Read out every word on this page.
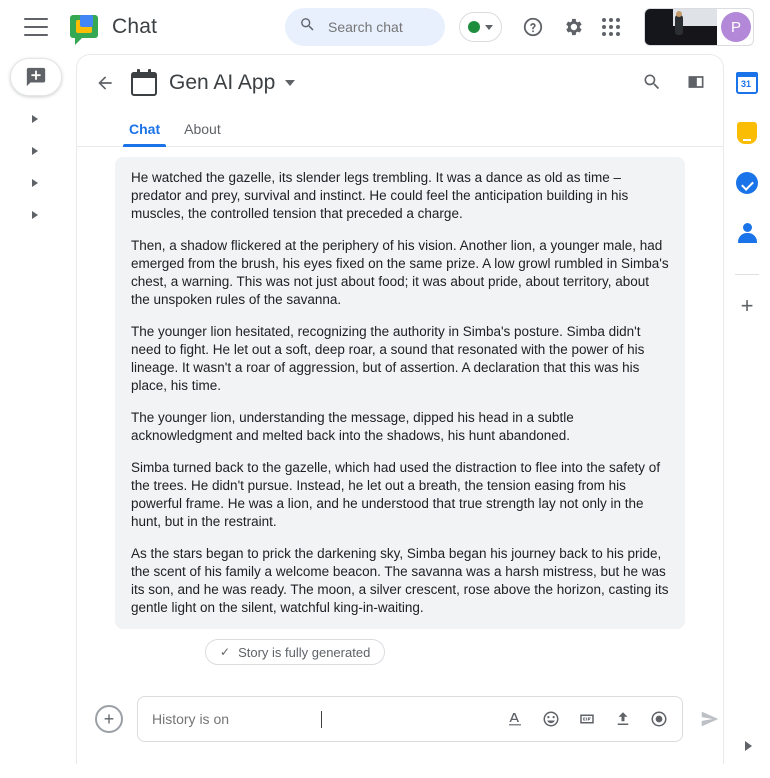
Chat
Search chat	P
Gen AI App
Chat	About

He watched the gazelle, its slender legs trembling. It was a dance as old as time – predator and prey, survival and instinct. He could feel the anticipation building in his muscles, the controlled tension that preceded a charge.

Then, a shadow flickered at the periphery of his vision. Another lion, a younger male, had emerged from the brush, his eyes fixed on the same prize. A low growl rumbled in Simba's chest, a warning. This was not just about food; it was about pride, about territory, about the unspoken rules of the savanna.

The younger lion hesitated, recognizing the authority in Simba's posture. Simba didn't need to fight. He let out a soft, deep roar, a sound that resonated with the power of his lineage. It wasn't a roar of aggression, but of assertion. A declaration that this was his place, his time.

The younger lion, understanding the message, dipped his head in a subtle acknowledgment and melted back into the shadows, his hunt abandoned.

Simba turned back to the gazelle, which had used the distraction to flee into the safety of the trees. He didn't pursue. Instead, he let out a breath, the tension easing from his powerful frame. He was a lion, and he understood that true strength lay not only in the hunt, but in the restraint.

As the stars began to prick the darkening sky, Simba began his journey back to his pride, the scent of his family a welcome beacon. The savanna was a harsh mistress, but he was its son, and he was ready. The moon, a silver crescent, rose above the horizon, casting its gentle light on the silent, watchful king-in-waiting.

✓ Story is fully generated
+
History is on
31
+
